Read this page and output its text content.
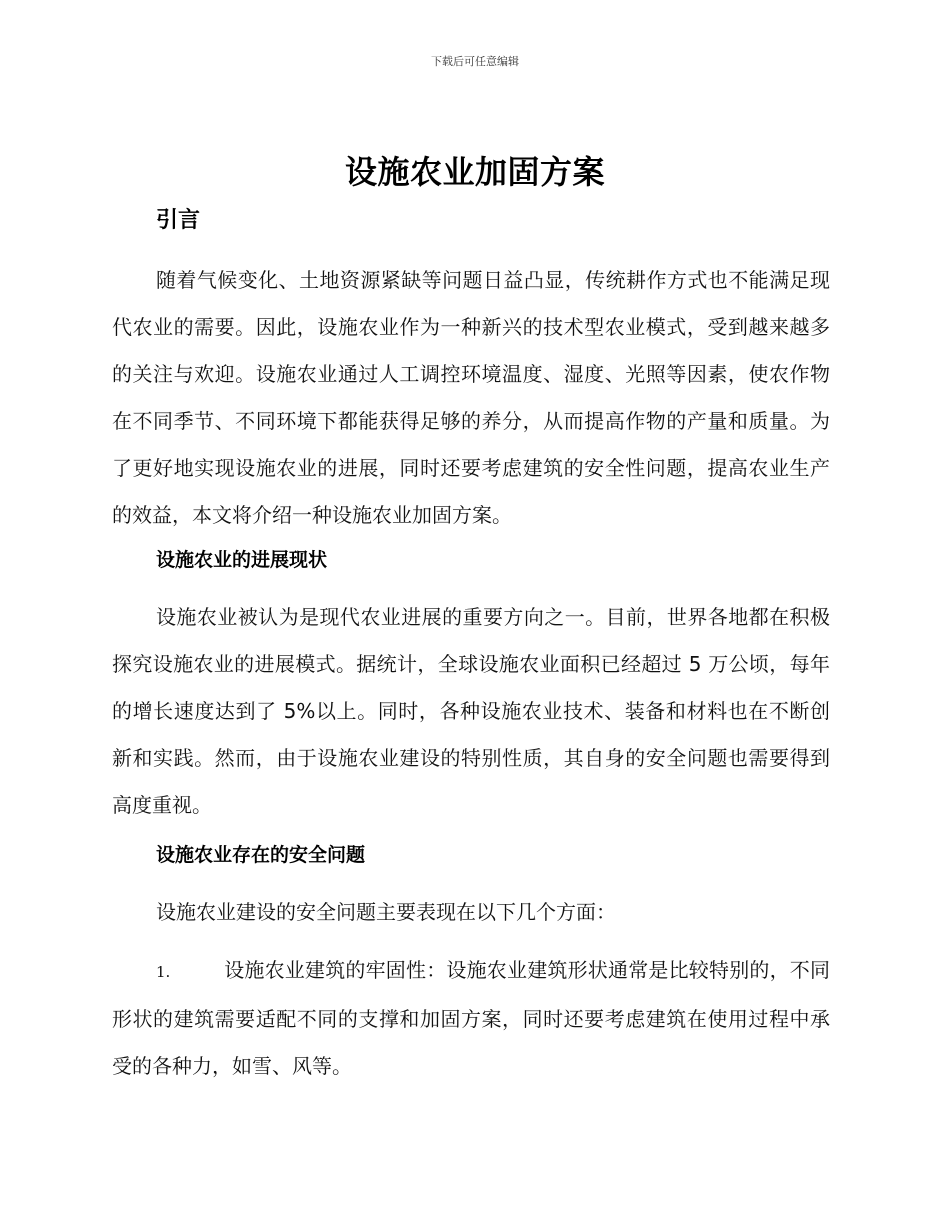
下载后可任意编辑
设施农业加固方案
引言

随着气候变化、土地资源紧缺等问题日益凸显，传统耕作方式也不能满足现代农业的需要。因此，设施农业作为一种新兴的技术型农业模式，受到越来越多的关注与欢迎。设施农业通过人工调控环境温度、湿度、光照等因素，使农作物在不同季节、不同环境下都能获得足够的养分，从而提高作物的产量和质量。为了更好地实现设施农业的进展，同时还要考虑建筑的安全性问题，提高农业生产的效益，本文将介绍一种设施农业加固方案。

设施农业的进展现状

设施农业被认为是现代农业进展的重要方向之一。目前，世界各地都在积极探究设施农业的进展模式。据统计，全球设施农业面积已经超过 5 万公顷，每年的增长速度达到了 5%以上。同时，各种设施农业技术、装备和材料也在不断创新和实践。然而，由于设施农业建设的特别性质，其自身的安全问题也需要得到高度重视。

设施农业存在的安全问题
设施农业建设的安全问题主要表现在以下几个方面：
1.	设施农业建筑的牢固性：设施农业建筑形状通常是比较特别的，不同形状的建筑需要适配不同的支撑和加固方案，同时还要考虑建筑在使用过程中承受的各种力，如雪、风等。
